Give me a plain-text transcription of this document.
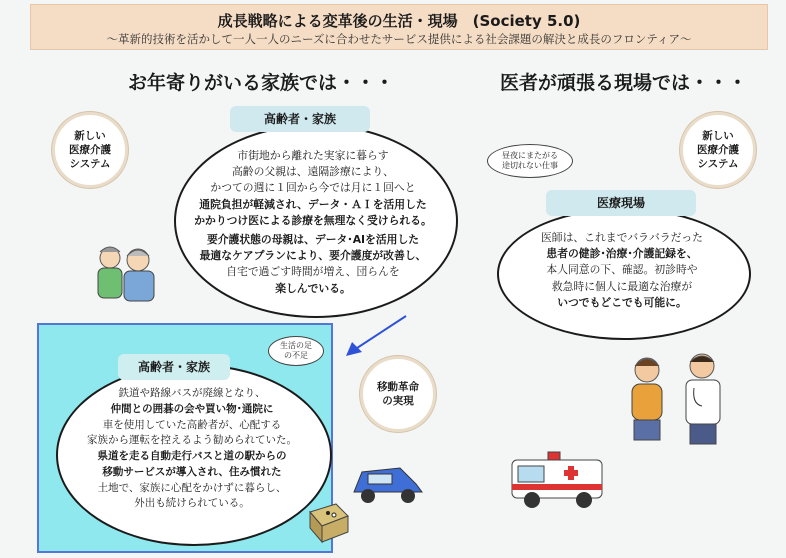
成長戦略による変革後の生活・現場　(Society 5.0)
～革新的技術を活かして一人一人のニーズに合わせたサービス提供による社会課題の解決と成長のフロンティア～
お年寄りがいる家族では・・・	医者が頑張る現場では・・・
新しい
医療介護
システム
高齢者・家族
市街地から離れた実家に暮らす
高齢の父親は、遠隔診療により、
かつての週に１回から今では月に１回へと
通院負担が軽減され、データ・ＡＩを活用した
かかりつけ医による診療を無理なく受けられる。
要介護状態の母親は、データ･AIを活用した
最適なケアプランにより、要介護度が改善し、
自宅で過ごす時間が増え、団らんを
楽しんでいる。
新しい
医療介護
システム
昼夜にまたがる
途切れない仕事
医療現場
医師は、これまでバラバラだった
患者の健診･治療･介護記録を、
本人同意の下、確認。初診時や
救急時に個人に最適な治療が
いつでもどこでも可能に。
高齢者・家族
生活の足
の不足
鉄道や路線バスが廃線となり、
仲間との囲碁の会や買い物･通院に
車を使用していた高齢者が、心配する
家族から運転を控えるよう勧められていた。
県道を走る自動走行バスと道の駅からの
移動サービスが導入され、住み慣れた
土地で、家族に心配をかけずに暮らし、
外出も続けられている。
移動革命
の実現
